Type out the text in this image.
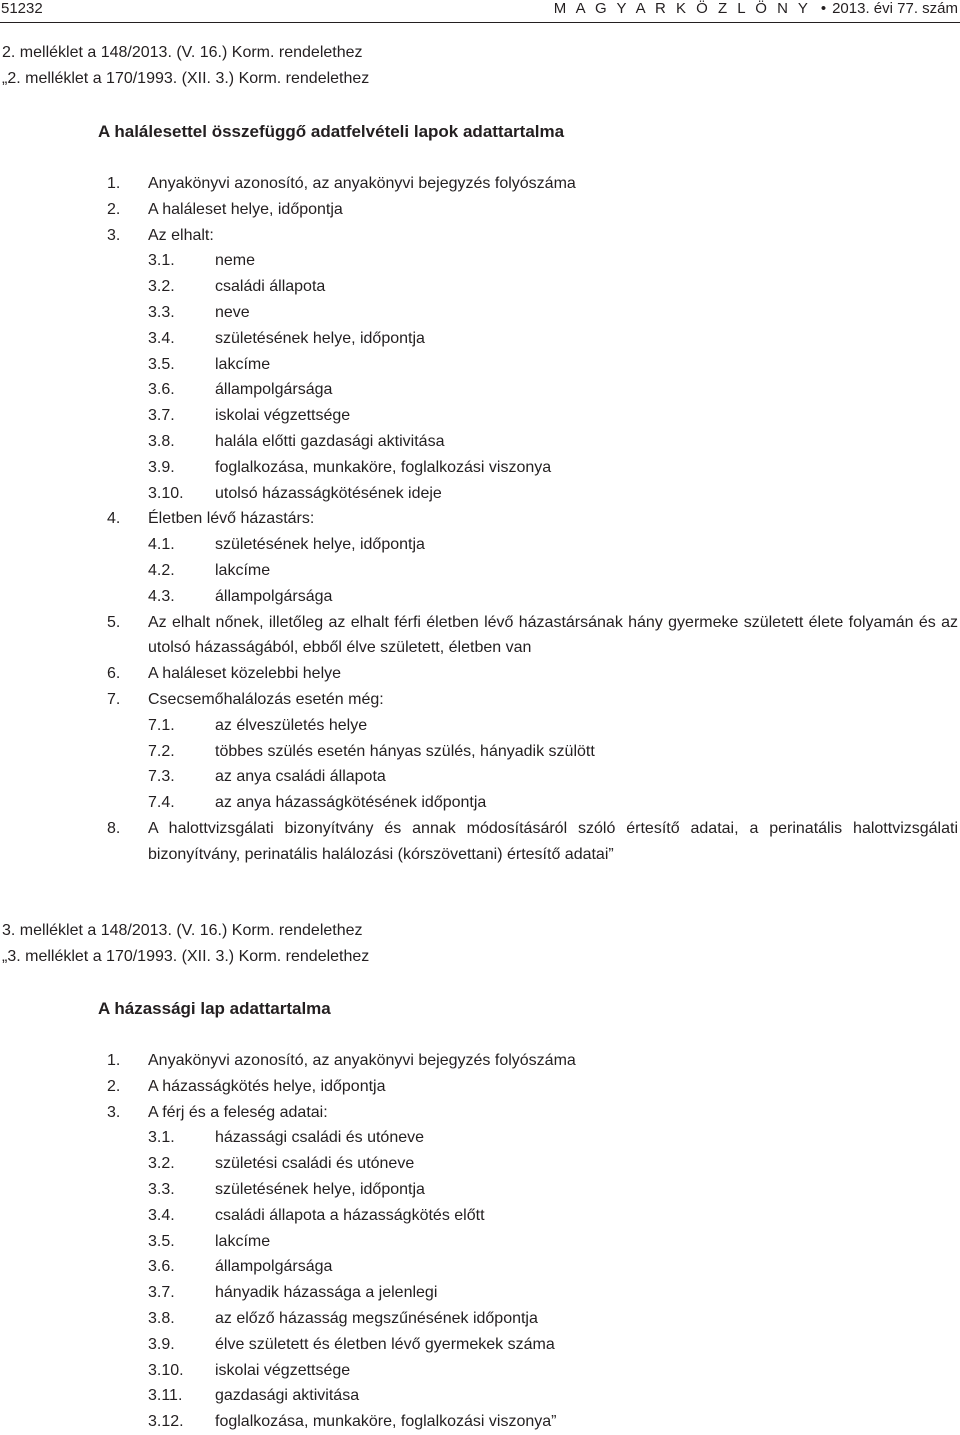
51232	M A G Y A R K Ö Z L Ö N Y • 2013. évi 77. szám
2. melléklet a 148/2013. (V. 16.) Korm. rendelethez
„2. melléklet a 170/1993. (XII. 3.) Korm. rendelethez
A halálesettel összefüggő adatfelvételi lapok adattartalma
1. Anyakönyvi azonosító, az anyakönyvi bejegyzés folyószáma
2. A haláleset helye, időpontja
3. Az elhalt:
3.1.	neme
3.2.	családi állapota
3.3.	neve
3.4.	születésének helye, időpontja
3.5.	lakcíme
3.6.	állampolgársága
3.7.	iskolai végzettsége
3.8.	halála előtti gazdasági aktivitása
3.9.	foglalkozása, munkaköre, foglalkozási viszonya
3.10. utolsó házasságkötésének ideje
4. Életben lévő házastárs:
4.1.	születésének helye, időpontja
4.2.	lakcíme
4.3.	állampolgársága
5. Az elhalt nőnek, illetőleg az elhalt férfi életben lévő házastársának hány gyermeke született élete folyamán és az utolsó házasságából, ebből élve született, életben van
6. A haláleset közelebbi helye
7. Csecsemőhalálozás esetén még:
7.1.	az élveszületés helye
7.2.	többes szülés esetén hányas szülés, hányadik szülött
7.3.	az anya családi állapota
7.4.	az anya házasságkötésének időpontja
8. A halottvizsgálati bizonyítvány és annak módosításáról szóló értesítő adatai, a perinatális halottvizsgálati bizonyítvány, perinatális halálozási (kórszövettani) értesítő adatai”
3. melléklet a 148/2013. (V. 16.) Korm. rendelethez
„3. melléklet a 170/1993. (XII. 3.) Korm. rendelethez
A házassági lap adattartalma
1. Anyakönyvi azonosító, az anyakönyvi bejegyzés folyószáma
2. A házasságkötés helye, időpontja
3. A férj és a feleség adatai:
3.1.	házassági családi és utóneve
3.2.	születési családi és utóneve
3.3.	születésének helye, időpontja
3.4.	családi állapota a házasságkötés előtt
3.5.	lakcíme
3.6.	állampolgársága
3.7.	hányadik házassága a jelenlegi
3.8.	az előző házasság megszűnésének időpontja
3.9.	élve született és életben lévő gyermekek száma
3.10. iskolai végzettsége
3.11. gazdasági aktivitása
3.12. foglalkozása, munkaköre, foglalkozási viszonya”
